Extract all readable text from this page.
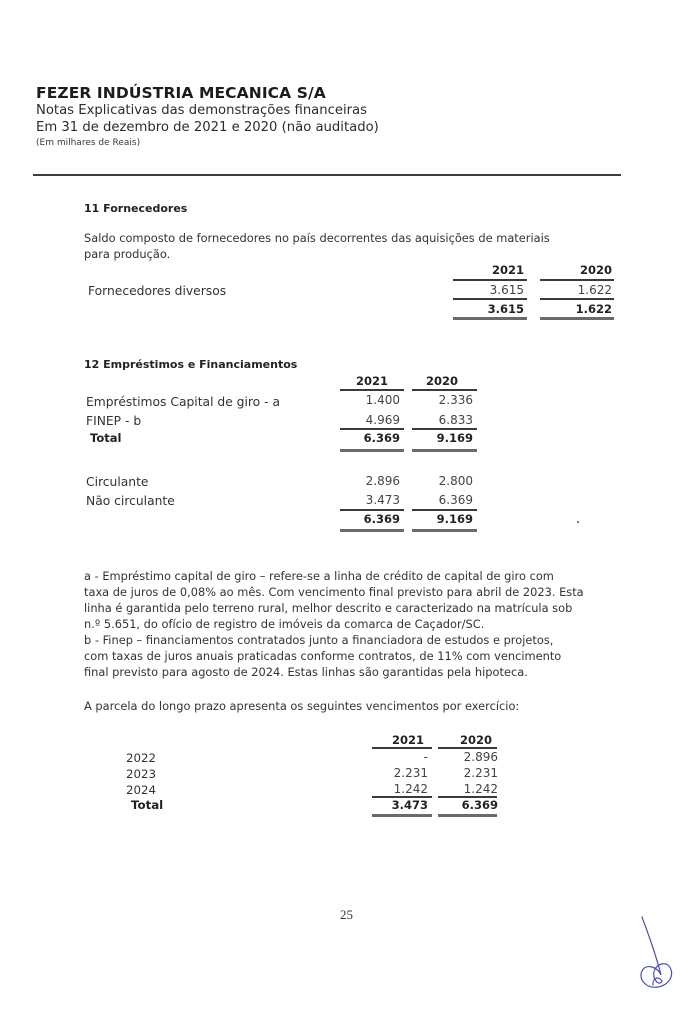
FEZER INDÚSTRIA MECANICA S/A
Notas Explicativas das demonstrações financeiras
Em 31 de dezembro de 2021 e 2020 (não auditado)
(Em milhares de Reais)
11 Fornecedores
Saldo composto de fornecedores no país decorrentes das aquisições de materiais
para produção.
2021	2020
Fornecedores diversos	3.615	1.622
3.615	1.622
12 Empréstimos e Financiamentos
2021	2020
Empréstimos Capital de giro - a	1.400	2.336
FINEP - b	4.969	6.833
Total	6.369	9.169
Circulante	2.896	2.800
Não circulante	3.473	6.369
6.369	9.169
a - Empréstimo capital de giro – refere-se a linha de crédito de capital de giro com
taxa de juros de 0,08% ao mês. Com vencimento final previsto para abril de 2023. Esta
linha é garantida pelo terreno rural, melhor descrito e caracterizado na matrícula sob
n.º 5.651, do ofício de registro de imóveis da comarca de Caçador/SC.
b - Finep – financiamentos contratados junto a financiadora de estudos e projetos,
com taxas de juros anuais praticadas conforme contratos, de 11% com vencimento
final previsto para agosto de 2024. Estas linhas são garantidas pela hipoteca.
A parcela do longo prazo apresenta os seguintes vencimentos por exercício:
2021	2020
2022	-	2.896
2023	2.231	2.231
2024	1.242	1.242
Total	3.473	6.369
25
